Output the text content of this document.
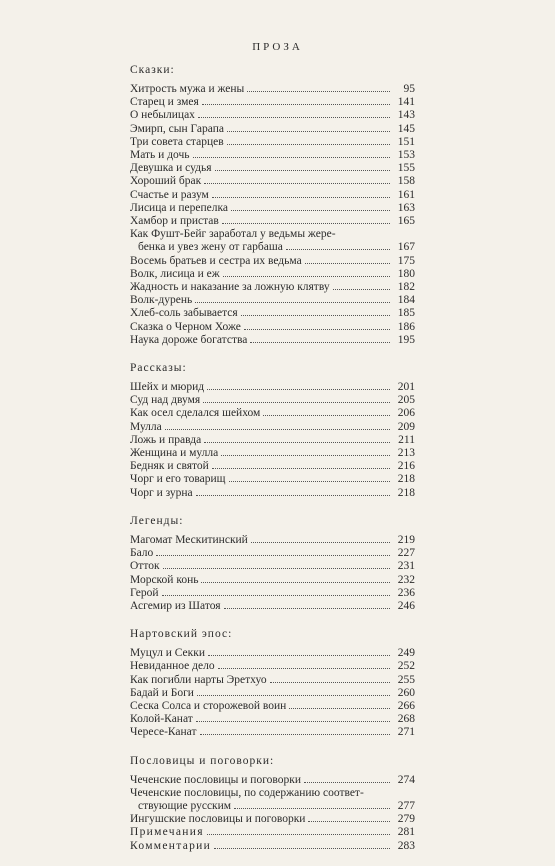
ПРОЗА
Сказки:
Хитрость мужа и жены	95
Старец и змея	141
О небылицах	143
Эмирп, сын Гарапа	145
Три совета старцев	151
Мать и дочь	153
Девушка и судья	155
Хороший брак	158
Счастье и разум	161
Лисица и перепелка	163
Хамбор и пристав	165
Как Фушт-Бейг заработал у ведьмы жере-
бенка и увез жену от гарбаша	167
Восемь братьев и сестра их ведьма	175
Волк, лисица и еж	180
Жадность и наказание за ложную клятву	182
Волк-дурень	184
Хлеб-соль забывается	185
Сказка о Черном Хоже	186
Наука дороже богатства	195
Рассказы:
Шейх и мюрид	201
Суд над двумя	205
Как осел сделался шейхом	206
Мулла	209
Ложь и правда	211
Женщина и мулла	213
Бедняк и святой	216
Чорг и его товарищ	218
Чорг и зурна	218
Легенды:
Магомат Мескитинский	219
Бало	227
Отток	231
Морской конь	232
Герой	236
Асгемир из Шатоя	246
Нартовский эпос:
Муцул и Секки	249
Невиданное дело	252
Как погибли нарты Эретхуо	255
Бадай и Боги	260
Сеска Солса и сторожевой воин	266
Колой-Канат	268
Чересе-Канат	271
Пословицы и поговорки:
Чеченские пословицы и поговорки	274
Чеченские пословицы, по содержанию соответ-
ствующие русским	277
Ингушские пословицы и поговорки	279
Примечания	281
Комментарии	283
